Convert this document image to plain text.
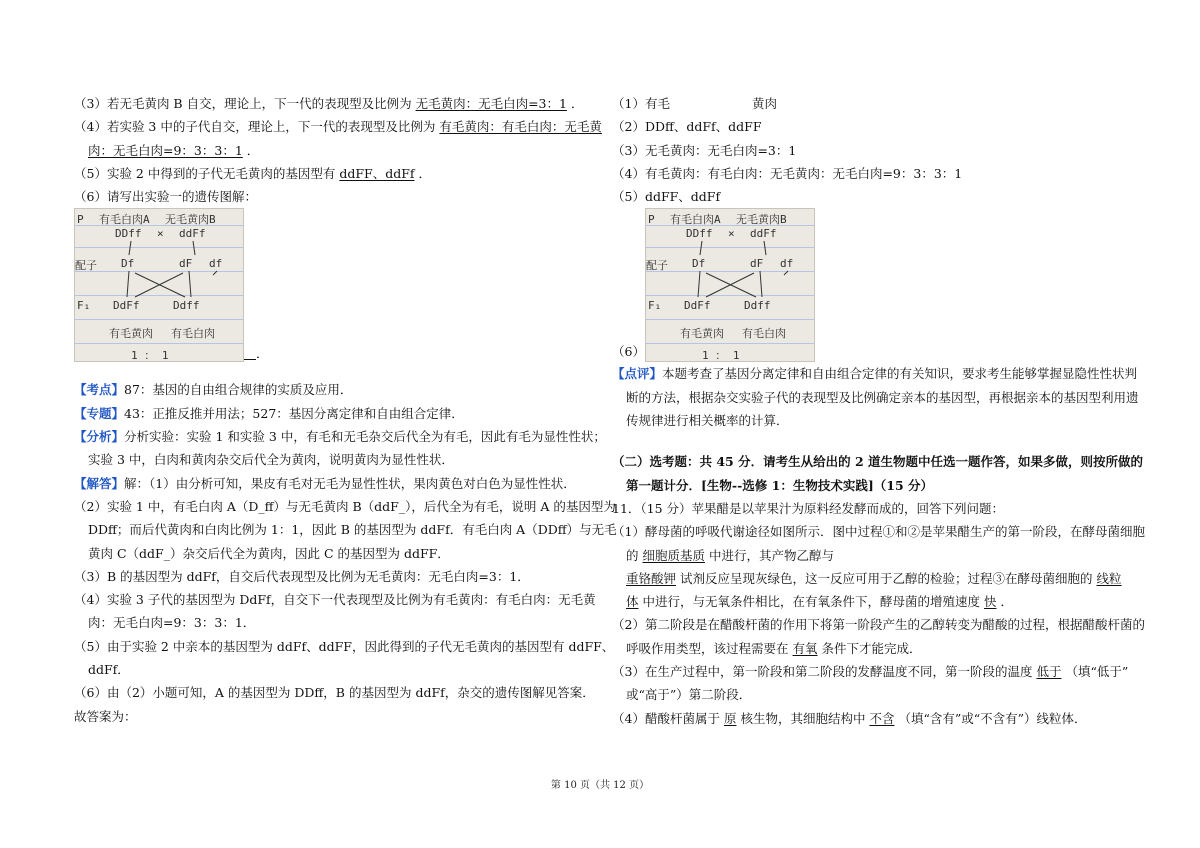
（3）若无毛黄肉 B 自交，理论上，下一代的表现型及比例为 无毛黄肉：无毛白肉=3：1 ．
（4）若实验 3 中的子代自交，理论上，下一代的表现型及比例为 有毛黄肉：有毛白肉：无毛黄
肉：无毛白肉=9：3：3：1 ．
（5）实验 2 中得到的子代无毛黄肉的基因型有 ddFF、ddFf ．
（6）请写出实验一的遗传图解：
P 有毛白肉A 无毛黄肉B
DDff × ddFf
配子 Df	dF df
F₁ DdFf	Ddff
有毛黄肉 有毛白肉
1 ： 1	．
【考点】87：基因的自由组合规律的实质及应用．
【专题】43：正推反推并用法；527：基因分离定律和自由组合定律．
【分析】分析实验：实验 1 和实验 3 中，有毛和无毛杂交后代全为有毛，因此有毛为显性性状；
实验 3 中，白肉和黄肉杂交后代全为黄肉，说明黄肉为显性性状．
【解答】解：（1）由分析可知，果皮有毛对无毛为显性性状，果肉黄色对白色为显性性状．
（2）实验 1 中，有毛白肉 A（D_ff）与无毛黄肉 B（ddF_），后代全为有毛，说明 A 的基因型为
DDff；而后代黄肉和白肉比例为 1：1，因此 B 的基因型为 ddFf．有毛白肉 A（DDff）与无毛
黄肉 C（ddF_）杂交后代全为黄肉，因此 C 的基因型为 ddFF．
（3）B 的基因型为 ddFf，自交后代表现型及比例为无毛黄肉：无毛白肉=3：1．
（4）实验 3 子代的基因型为 DdFf，自交下一代表现型及比例为有毛黄肉：有毛白肉：无毛黄
肉：无毛白肉=9：3：3：1．
（5）由于实验 2 中亲本的基因型为 ddFf、ddFF，因此得到的子代无毛黄肉的基因型有 ddFF、
ddFf．
（6）由（2）小题可知，A 的基因型为 DDff，B 的基因型为 ddFf，杂交的遗传图解见答案．
故答案为：
（1）有毛	黄肉
（2）DDff、ddFf、ddFF
（3）无毛黄肉：无毛白肉=3：1
（4）有毛黄肉：有毛白肉：无毛黄肉：无毛白肉=9：3：3：1
（5）ddFF、ddFf
（6）
P 有毛白肉A 无毛黄肉B
DDff × ddFf
配子 Df	dF df
F₁ DdFf	Ddff
有毛黄肉 有毛白肉
1 ： 1
【点评】本题考查了基因分离定律和自由组合定律的有关知识，要求考生能够掌握显隐性性状判
断的方法，根据杂交实验子代的表现型及比例确定亲本的基因型，再根据亲本的基因型利用遗
传规律进行相关概率的计算．
（二）选考题：共 45 分．请考生从给出的 2 道生物题中任选一题作答，如果多做，则按所做的
第一题计分．[生物--选修 1：生物技术实践]（15 分）
11．（15 分）苹果醋是以苹果汁为原料经发酵而成的，回答下列问题：
（1）酵母菌的呼吸代谢途径如图所示．图中过程①和②是苹果醋生产的第一阶段，在酵母菌细胞
的 细胞质基质 中进行，其产物乙醇与
重铬酸钾 试剂反应呈现灰绿色，这一反应可用于乙醇的检验；过程③在酵母菌细胞的 线粒
体 中进行，与无氧条件相比，在有氧条件下，酵母菌的增殖速度 快 ．
（2）第二阶段是在醋酸杆菌的作用下将第一阶段产生的乙醇转变为醋酸的过程，根据醋酸杆菌的
呼吸作用类型，该过程需要在 有氧 条件下才能完成．
（3）在生产过程中，第一阶段和第二阶段的发酵温度不同，第一阶段的温度 低于 （填“低于”
或“高于”）第二阶段．
（4）醋酸杆菌属于 原 核生物，其细胞结构中 不含 （填“含有”或“不含有”）线粒体．
第 10 页（共 12 页）
